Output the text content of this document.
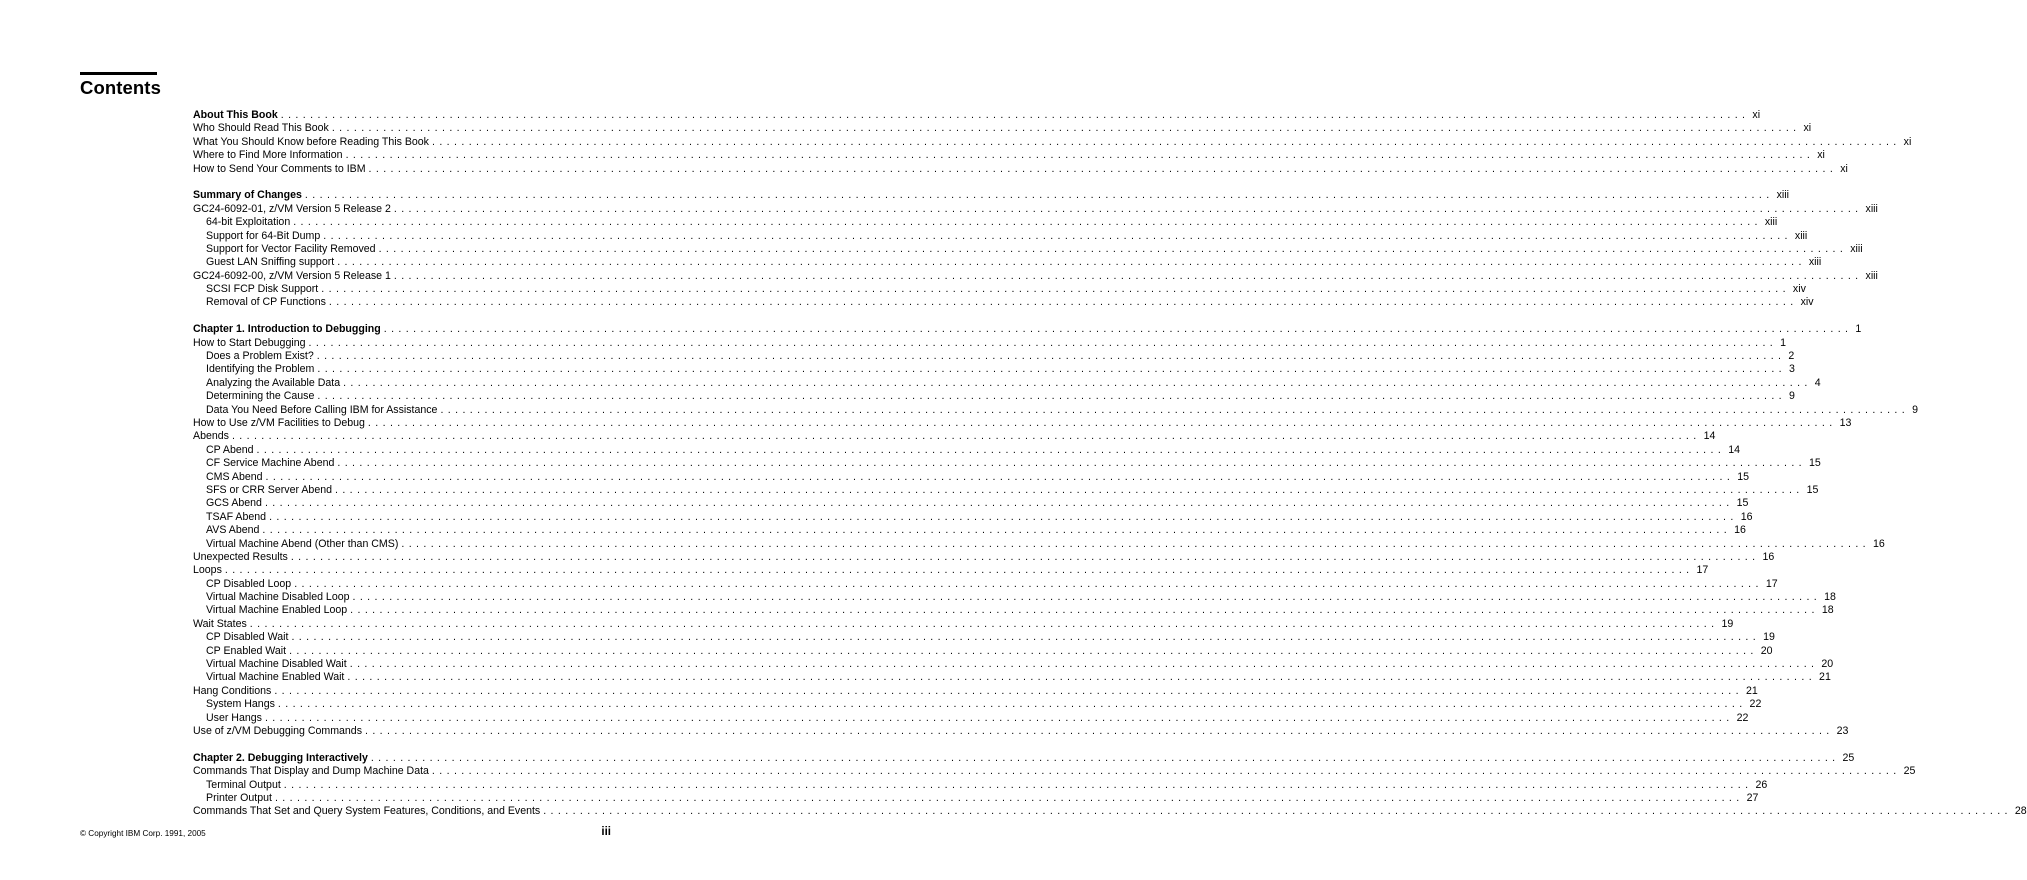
Contents
About This Book ........................................................................................................................................................................................................ xi
Who Should Read This Book ........................................................................................................................................................................................................ xi
What You Should Know before Reading This Book ........................................................................................................................................................................................................ xi
Where to Find More Information ........................................................................................................................................................................................................ xi
How to Send Your Comments to IBM ........................................................................................................................................................................................................ xi
Summary of Changes ........................................................................................................................................................................................................ xiii
GC24-6092-01, z/VM Version 5 Release 2 ........................................................................................................................................................................................................ xiii
64-bit Exploitation ........................................................................................................................................................................................................ xiii
Support for 64-Bit Dump ........................................................................................................................................................................................................ xiii
Support for Vector Facility Removed ........................................................................................................................................................................................................ xiii
Guest LAN Sniffing support ........................................................................................................................................................................................................ xiii
GC24-6092-00, z/VM Version 5 Release 1 ........................................................................................................................................................................................................ xiii
SCSI FCP Disk Support ........................................................................................................................................................................................................ xiv
Removal of CP Functions ........................................................................................................................................................................................................ xiv
Chapter 1. Introduction to Debugging ........................................................................................................................................................................................................ 1
How to Start Debugging ........................................................................................................................................................................................................ 1
Does a Problem Exist? ........................................................................................................................................................................................................ 2
Identifying the Problem ........................................................................................................................................................................................................ 3
Analyzing the Available Data ........................................................................................................................................................................................................ 4
Determining the Cause ........................................................................................................................................................................................................ 9
Data You Need Before Calling IBM for Assistance ........................................................................................................................................................................................................ 9
How to Use z/VM Facilities to Debug ........................................................................................................................................................................................................ 13
Abends ........................................................................................................................................................................................................ 14
CP Abend ........................................................................................................................................................................................................ 14
CF Service Machine Abend ........................................................................................................................................................................................................ 15
CMS Abend ........................................................................................................................................................................................................ 15
SFS or CRR Server Abend ........................................................................................................................................................................................................ 15
GCS Abend ........................................................................................................................................................................................................ 15
TSAF Abend ........................................................................................................................................................................................................ 16
AVS Abend ........................................................................................................................................................................................................ 16
Virtual Machine Abend (Other than CMS) ........................................................................................................................................................................................................ 16
Unexpected Results ........................................................................................................................................................................................................ 16
Loops ........................................................................................................................................................................................................ 17
CP Disabled Loop ........................................................................................................................................................................................................ 17
Virtual Machine Disabled Loop ........................................................................................................................................................................................................ 18
Virtual Machine Enabled Loop ........................................................................................................................................................................................................ 18
Wait States ........................................................................................................................................................................................................ 19
CP Disabled Wait ........................................................................................................................................................................................................ 19
CP Enabled Wait ........................................................................................................................................................................................................ 20
Virtual Machine Disabled Wait ........................................................................................................................................................................................................ 20
Virtual Machine Enabled Wait ........................................................................................................................................................................................................ 21
Hang Conditions ........................................................................................................................................................................................................ 21
System Hangs ........................................................................................................................................................................................................ 22
User Hangs ........................................................................................................................................................................................................ 22
Use of z/VM Debugging Commands ........................................................................................................................................................................................................ 23
Chapter 2. Debugging Interactively ........................................................................................................................................................................................................ 25
Commands That Display and Dump Machine Data ........................................................................................................................................................................................................ 25
Terminal Output ........................................................................................................................................................................................................ 26
Printer Output ........................................................................................................................................................................................................ 27
Commands That Set and Query System Features, Conditions, and Events ........................................................................................................................................................................................................ 28
© Copyright IBM Corp. 1991, 2005	iii
